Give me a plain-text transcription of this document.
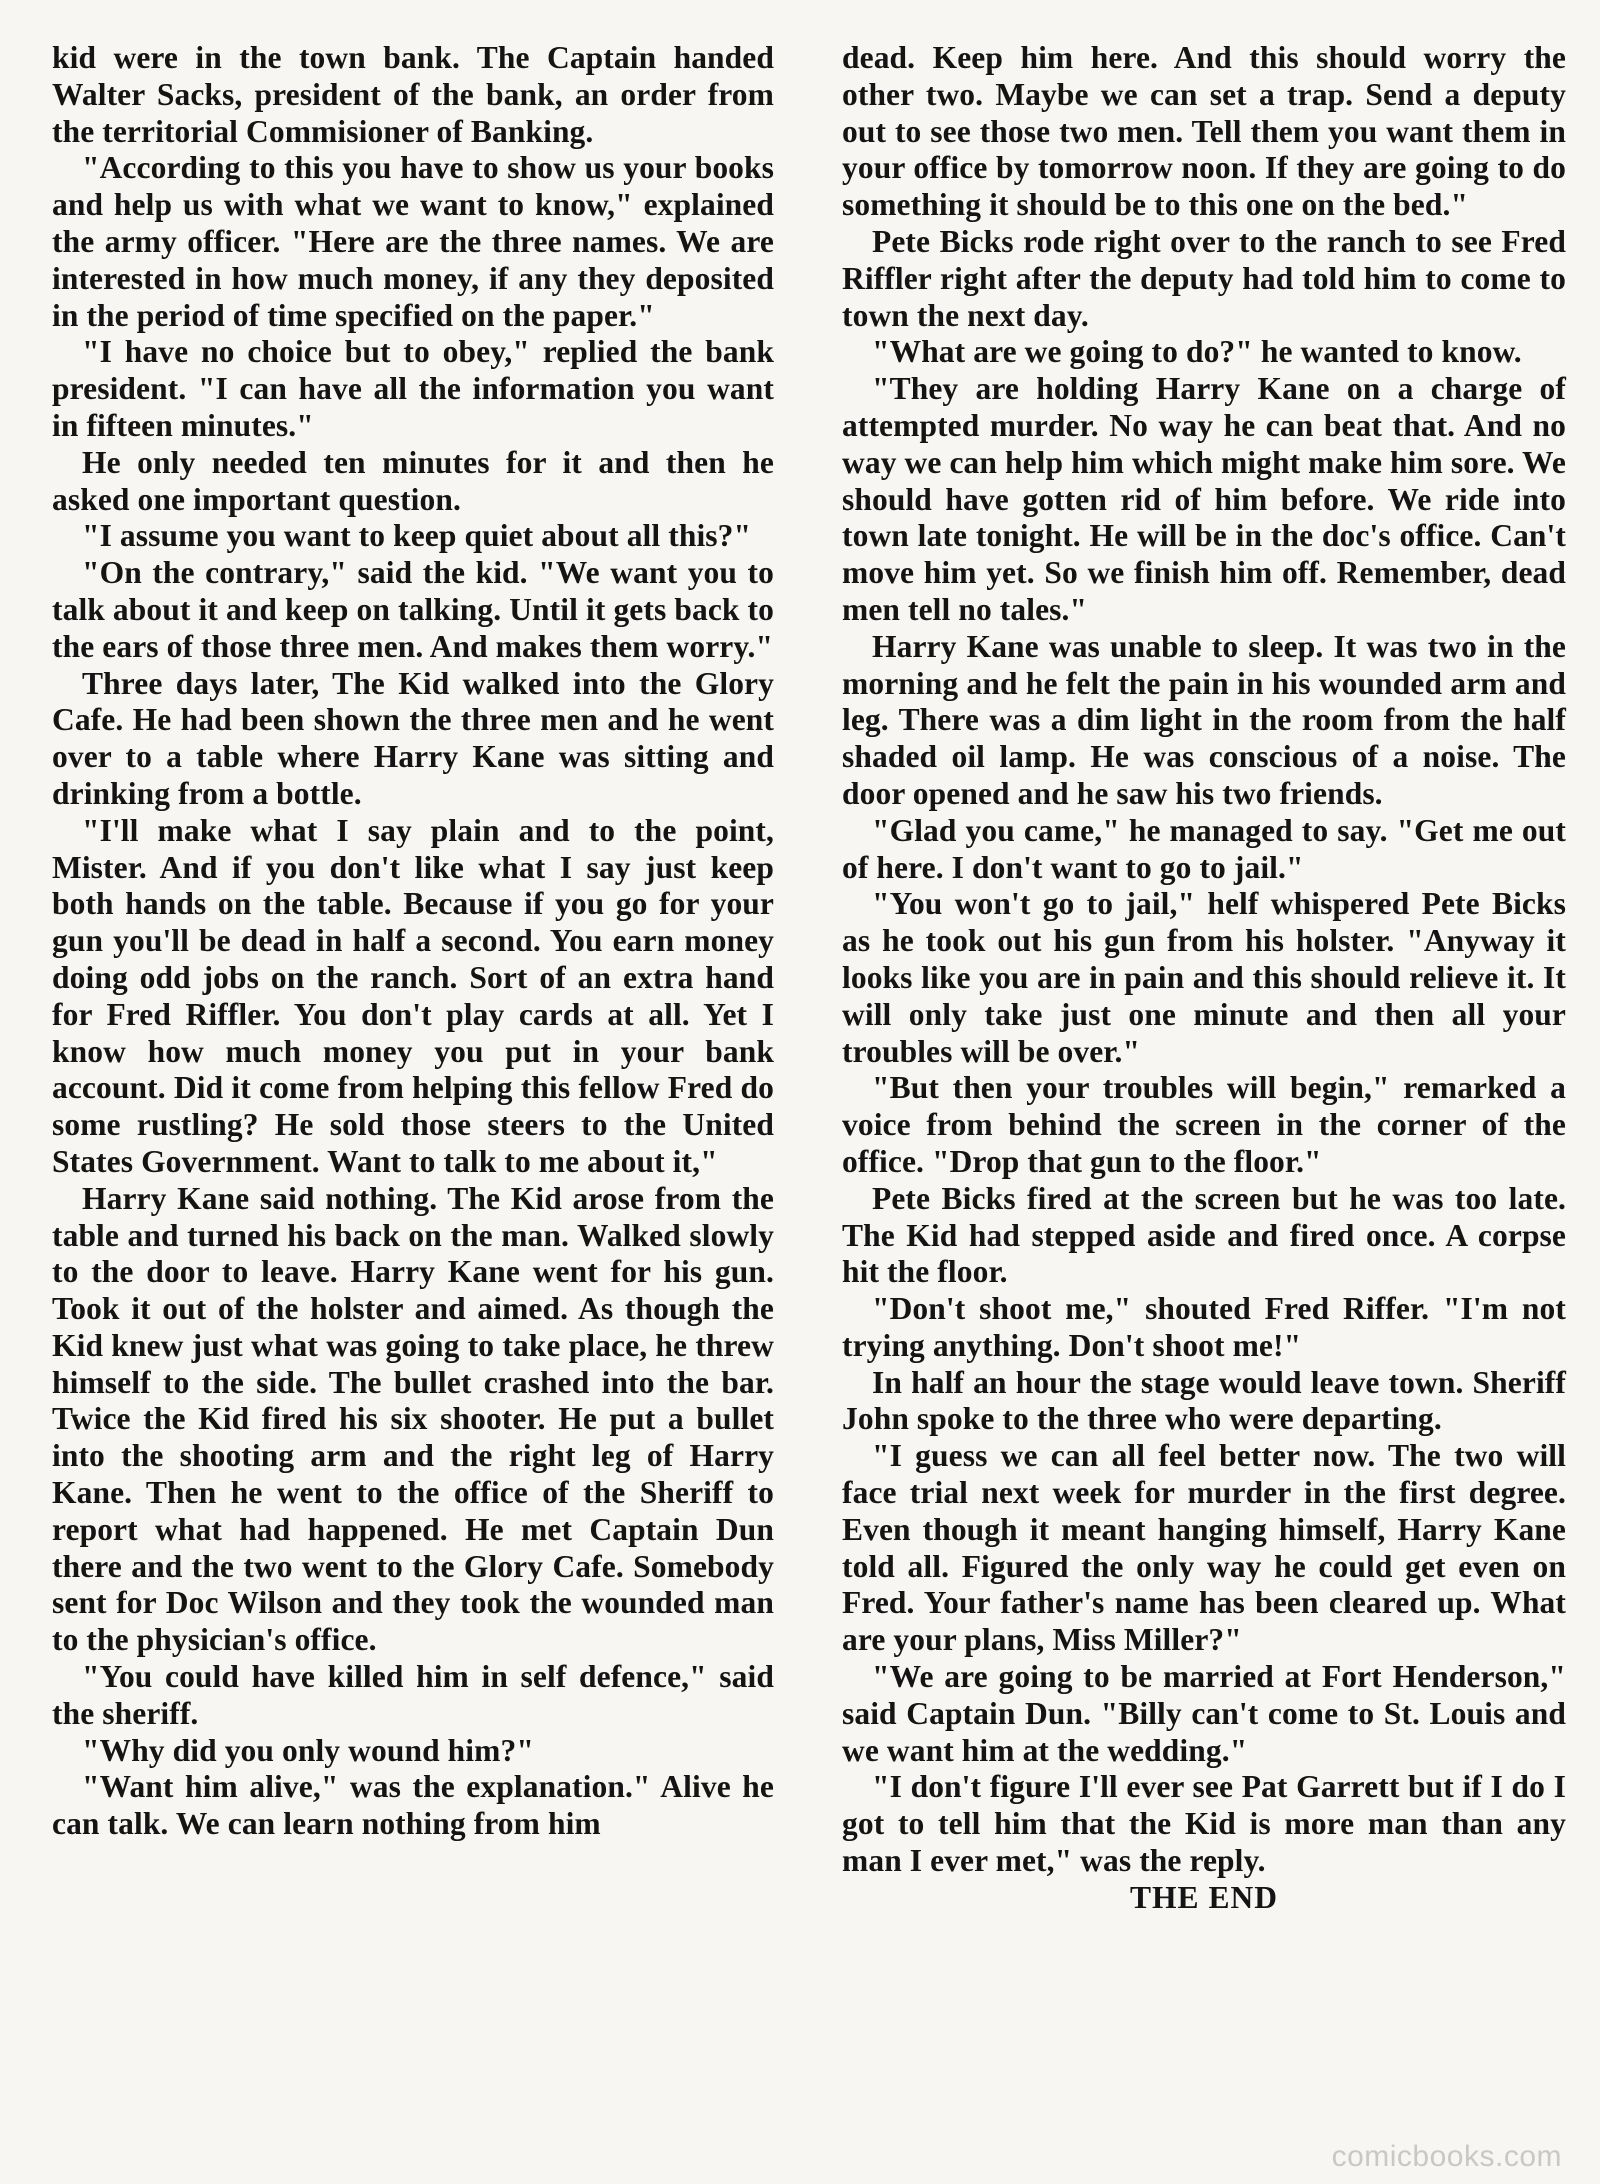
kid were in the town bank. The Captain handed Walter Sacks, president of the bank, an order from the territorial Commisioner of Banking.

"According to this you have to show us your books and help us with what we want to know," explained the army officer. "Here are the three names. We are interested in how much money, if any they deposited in the period of time specified on the paper."

"I have no choice but to obey," replied the bank president. "I can have all the information you want in fifteen minutes."

He only needed ten minutes for it and then he asked one important question.

"I assume you want to keep quiet about all this?"

"On the contrary," said the kid. "We want you to talk about it and keep on talking. Until it gets back to the ears of those three men. And makes them worry."

Three days later, The Kid walked into the Glory Cafe. He had been shown the three men and he went over to a table where Harry Kane was sitting and drinking from a bottle.

"I'll make what I say plain and to the point, Mister. And if you don't like what I say just keep both hands on the table. Because if you go for your gun you'll be dead in half a second. You earn money doing odd jobs on the ranch. Sort of an extra hand for Fred Riffler. You don't play cards at all. Yet I know how much money you put in your bank account. Did it come from helping this fellow Fred do some rustling? He sold those steers to the United States Government. Want to talk to me about it,"

Harry Kane said nothing. The Kid arose from the table and turned his back on the man. Walked slowly to the door to leave. Harry Kane went for his gun. Took it out of the holster and aimed. As though the Kid knew just what was going to take place, he threw himself to the side. The bullet crashed into the bar. Twice the Kid fired his six shooter. He put a bullet into the shooting arm and the right leg of Harry Kane. Then he went to the office of the Sheriff to report what had happened. He met Captain Dun there and the two went to the Glory Cafe. Somebody sent for Doc Wilson and they took the wounded man to the physician's office.

"You could have killed him in self defence," said the sheriff.

"Why did you only wound him?"

"Want him alive," was the explanation." Alive he can talk. We can learn nothing from him

dead. Keep him here. And this should worry the other two. Maybe we can set a trap. Send a deputy out to see those two men. Tell them you want them in your office by tomorrow noon. If they are going to do something it should be to this one on the bed."

Pete Bicks rode right over to the ranch to see Fred Riffler right after the deputy had told him to come to town the next day.

"What are we going to do?" he wanted to know.

"They are holding Harry Kane on a charge of attempted murder. No way he can beat that. And no way we can help him which might make him sore. We should have gotten rid of him before. We ride into town late tonight. He will be in the doc's office. Can't move him yet. So we finish him off. Remember, dead men tell no tales."

Harry Kane was unable to sleep. It was two in the morning and he felt the pain in his wounded arm and leg. There was a dim light in the room from the half shaded oil lamp. He was conscious of a noise. The door opened and he saw his two friends.

"Glad you came," he managed to say. "Get me out of here. I don't want to go to jail."

"You won't go to jail," helf whispered Pete Bicks as he took out his gun from his holster. "Anyway it looks like you are in pain and this should relieve it. It will only take just one minute and then all your troubles will be over."

"But then your troubles will begin," remarked a voice from behind the screen in the corner of the office. "Drop that gun to the floor."

Pete Bicks fired at the screen but he was too late. The Kid had stepped aside and fired once. A corpse hit the floor.

"Don't shoot me," shouted Fred Riffer. "I'm not trying anything. Don't shoot me!"

In half an hour the stage would leave town. Sheriff John spoke to the three who were departing.

"I guess we can all feel better now. The two will face trial next week for murder in the first degree. Even though it meant hanging himself, Harry Kane told all. Figured the only way he could get even on Fred. Your father's name has been cleared up. What are your plans, Miss Miller?"

"We are going to be married at Fort Henderson," said Captain Dun. "Billy can't come to St. Louis and we want him at the wedding."

"I don't figure I'll ever see Pat Garrett but if I do I got to tell him that the Kid is more man than any man I ever met," was the reply.

THE END

comicbooks.com
